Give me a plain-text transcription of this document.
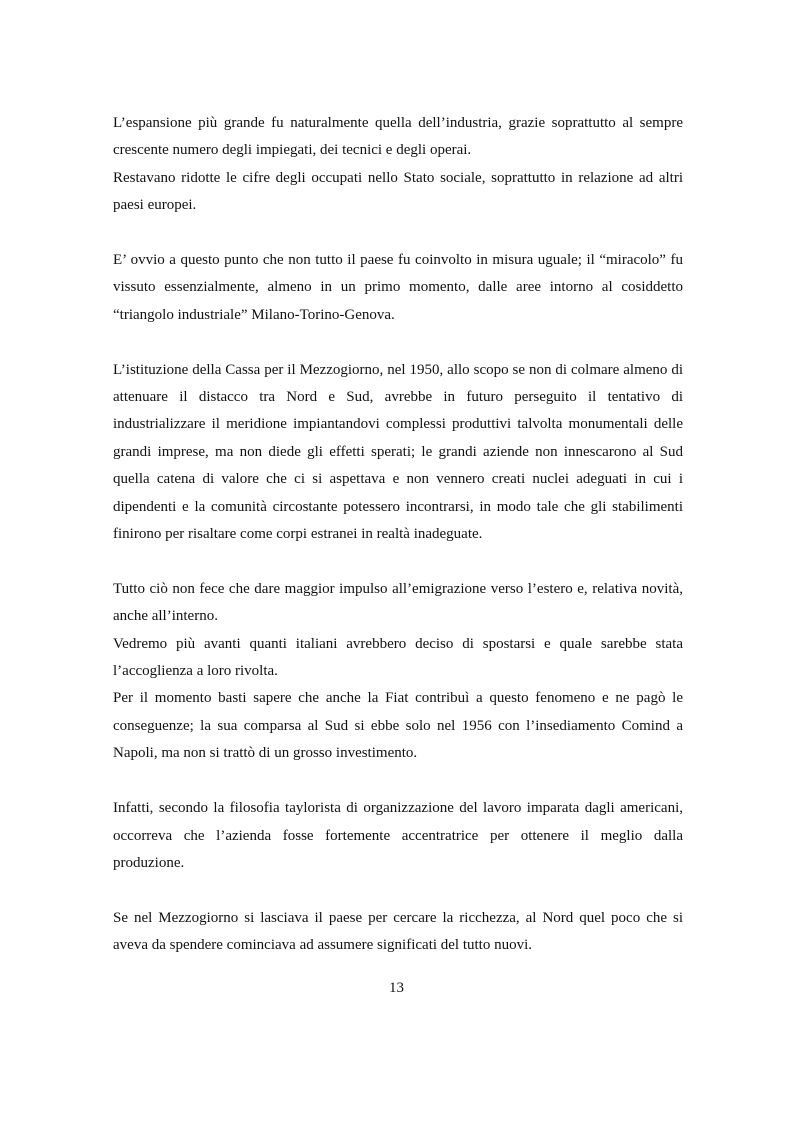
L’espansione più grande fu naturalmente quella dell’industria, grazie soprattutto al sempre
crescente numero degli impiegati, dei tecnici e degli operai.
Restavano ridotte le cifre degli occupati nello Stato sociale, soprattutto in relazione ad altri
paesi europei.

E’ ovvio a questo punto che non tutto il paese fu coinvolto in misura uguale; il “miracolo” fu
vissuto essenzialmente, almeno in un primo momento, dalle aree intorno al cosiddetto
“triangolo industriale” Milano-Torino-Genova.

L’istituzione della Cassa per il Mezzogiorno, nel 1950, allo scopo se non di colmare almeno di
attenuare il distacco tra Nord e Sud, avrebbe in futuro perseguito il tentativo di
industrializzare il meridione impiantandovi complessi produttivi talvolta monumentali delle
grandi imprese, ma non diede gli effetti sperati; le grandi aziende non innescarono al Sud
quella catena di valore che ci si aspettava e non vennero creati nuclei adeguati in cui i
dipendenti e la comunità circostante potessero incontrarsi, in modo tale che gli stabilimenti
finirono per risaltare come corpi estranei in realtà inadeguate.

Tutto ciò non fece che dare maggior impulso all’emigrazione verso l’estero e, relativa novità,
anche all’interno.
Vedremo più avanti quanti italiani avrebbero deciso di spostarsi e quale sarebbe stata
l’accoglienza a loro rivolta.
Per il momento basti sapere che anche la Fiat contribuì a questo fenomeno e ne pagò le
conseguenze; la sua comparsa al Sud si ebbe solo nel 1956 con l’insediamento Comind a
Napoli, ma non si trattò di un grosso investimento.

Infatti, secondo la filosofia taylorista di organizzazione del lavoro imparata dagli americani,
occorreva che l’azienda fosse fortemente accentratrice per ottenere il meglio dalla
produzione.

Se nel Mezzogiorno si lasciava il paese per cercare la ricchezza, al Nord quel poco che si
aveva da spendere cominciava ad assumere significati del tutto nuovi.

13
